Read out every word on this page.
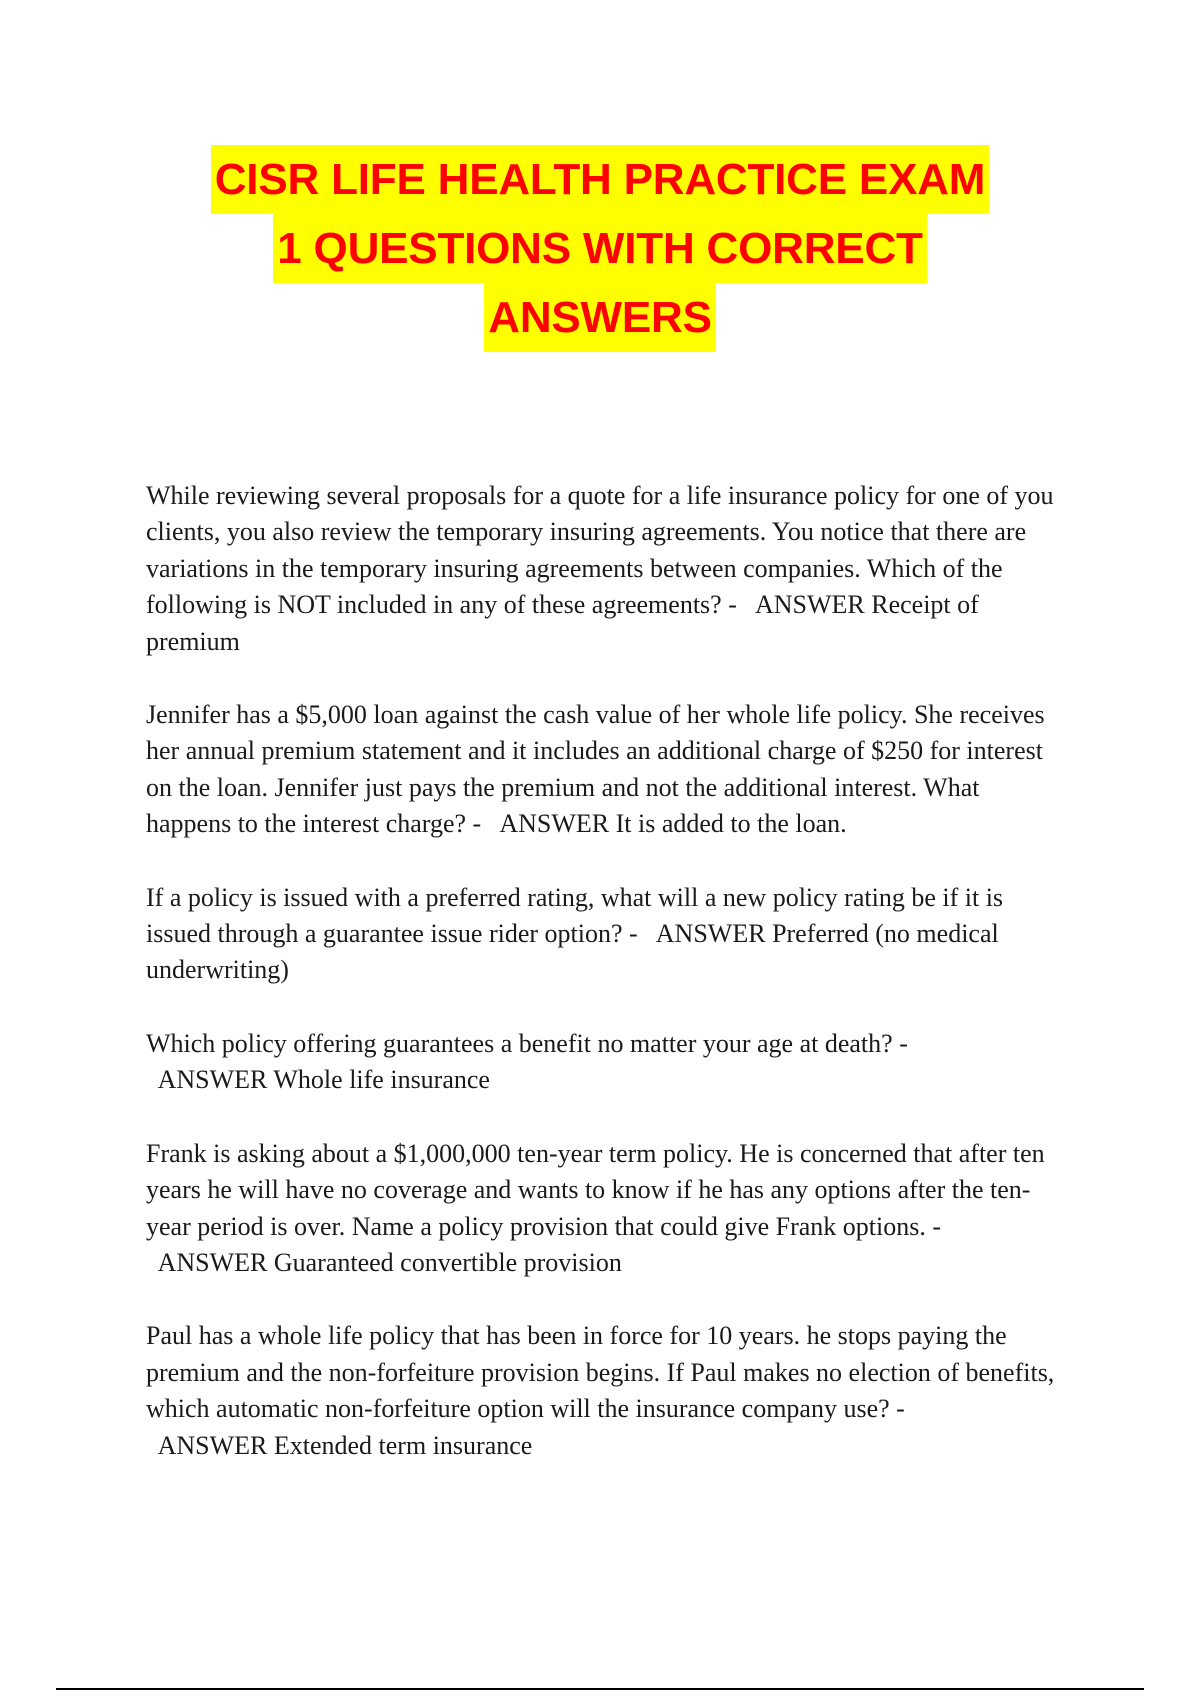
CISR LIFE HEALTH PRACTICE EXAM
1 QUESTIONS WITH CORRECT
ANSWERS

While reviewing several proposals for a quote for a life insurance policy for one of you clients, you also review the temporary insuring agreements. You notice that there are variations in the temporary insuring agreements between companies. Which of the following is NOT included in any of these agreements? - ANSWER Receipt of premium

Jennifer has a $5,000 loan against the cash value of her whole life policy. She receives her annual premium statement and it includes an additional charge of $250 for interest on the loan. Jennifer just pays the premium and not the additional interest. What happens to the interest charge? - ANSWER It is added to the loan.

If a policy is issued with a preferred rating, what will a new policy rating be if it is issued through a guarantee issue rider option? - ANSWER Preferred (no medical underwriting)

Which policy offering guarantees a benefit no matter your age at death? -   ANSWER Whole life insurance

Frank is asking about a $1,000,000 ten-year term policy. He is concerned that after ten years he will have no coverage and wants to know if he has any options after the ten-year period is over. Name a policy provision that could give Frank options. -   ANSWER Guaranteed convertible provision

Paul has a whole life policy that has been in force for 10 years. he stops paying the premium and the non-forfeiture provision begins. If Paul makes no election of benefits, which automatic non-forfeiture option will the insurance company use? -   ANSWER Extended term insurance
